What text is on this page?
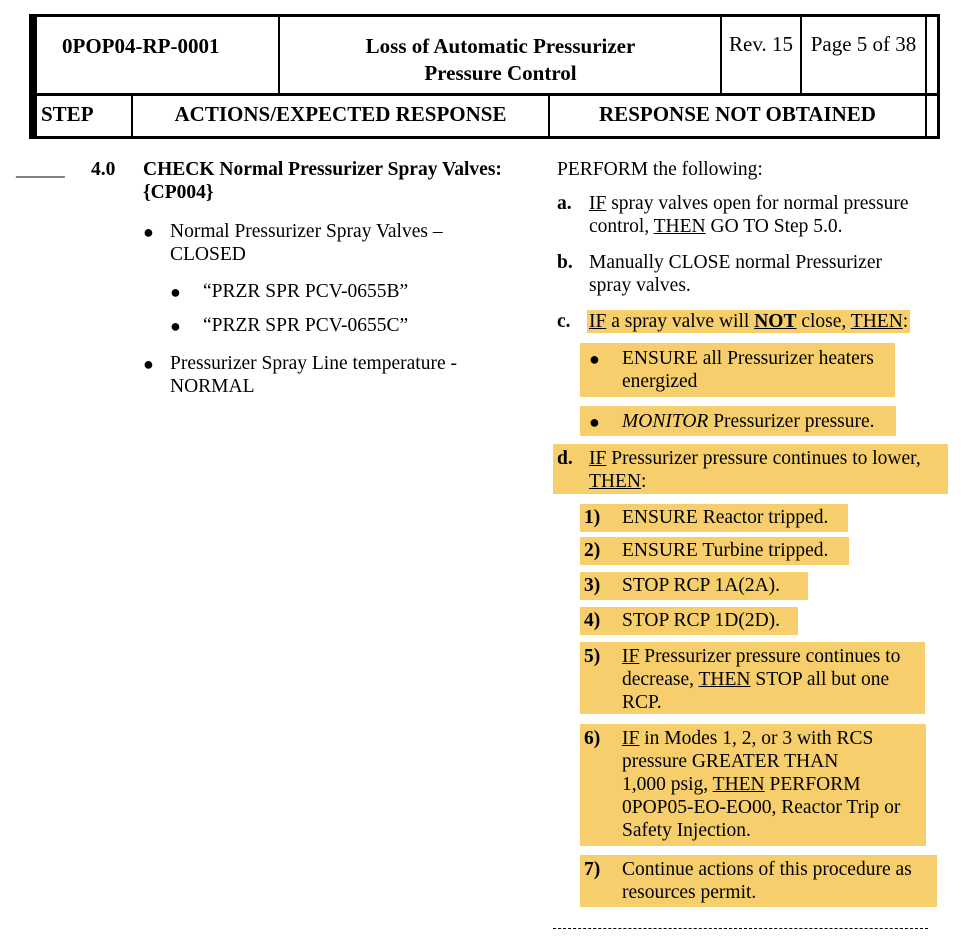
0POP04-RP-0001	Loss of Automatic Pressurizer
Pressure Control
Rev. 15 Page 5 of 38
STEP	ACTIONS/EXPECTED RESPONSE	RESPONSE NOT OBTAINED
_____ 4.0 CHECK Normal Pressurizer Spray Valves:
{CP004}
● Normal Pressurizer Spray Valves –
CLOSED
● “PRZR SPR PCV-0655B”
● “PRZR SPR PCV-0655C”
● Pressurizer Spray Line temperature -
NORMAL
PERFORM the following:
a. IF spray valves open for normal pressure
control, THEN GO TO Step 5.0.
b. Manually CLOSE normal Pressurizer
spray valves.
c. IF a spray valve will NOT close, THEN:
● ENSURE all Pressurizer heaters
energized
● MONITOR Pressurizer pressure.
d. IF Pressurizer pressure continues to lower,
THEN:
1) ENSURE Reactor tripped.
2) ENSURE Turbine tripped.
3) STOP RCP 1A(2A).
4) STOP RCP 1D(2D).
5) IF Pressurizer pressure continues to
decrease, THEN STOP all but one
RCP.
6) IF in Modes 1, 2, or 3 with RCS
pressure GREATER THAN
1,000 psig, THEN PERFORM
0POP05-EO-EO00, Reactor Trip or
Safety Injection.
7) Continue actions of this procedure as
resources permit.
